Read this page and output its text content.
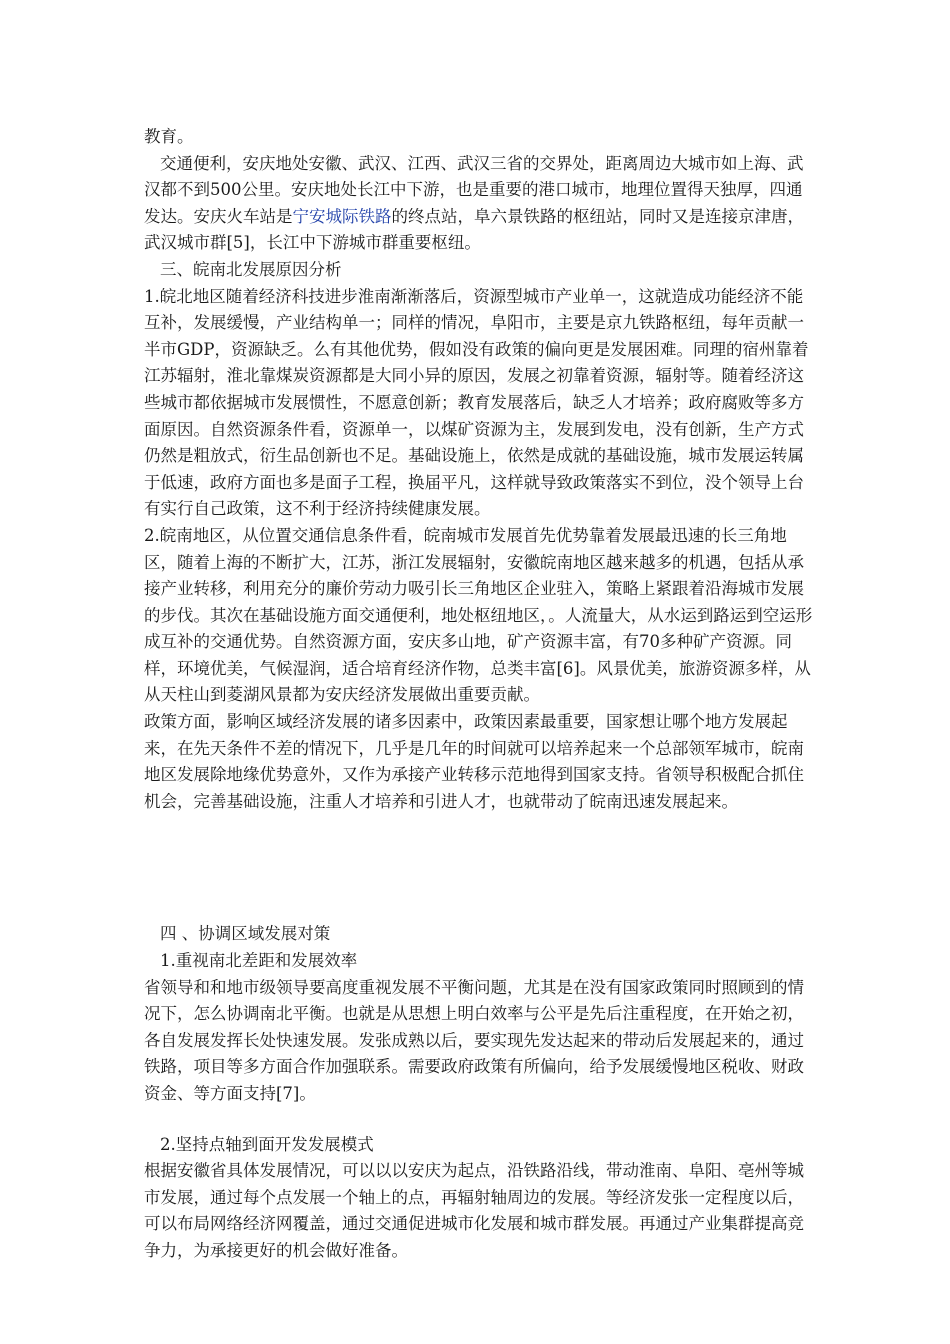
教育。

交通便利，安庆地处安徽、武汉、江西、武汉三省的交界处，距离周边大城市如上海、武汉都不到500公里。安庆地处长江中下游，也是重要的港口城市，地理位置得天独厚，四通发达。安庆火车站是宁安城际铁路的终点站，阜六景铁路的枢纽站，同时又是连接京津唐，武汉城市群[5]，长江中下游城市群重要枢纽。

三、皖南北发展原因分析

1.皖北地区随着经济科技进步淮南渐渐落后，资源型城市产业单一，这就造成功能经济不能互补，发展缓慢，产业结构单一；同样的情况，阜阳市，主要是京九铁路枢纽，每年贡献一半市GDP，资源缺乏。么有其他优势，假如没有政策的偏向更是发展困难。同理的宿州靠着江苏辐射，淮北靠煤炭资源都是大同小异的原因，发展之初靠着资源，辐射等。随着经济这些城市都依据城市发展惯性，不愿意创新；教育发展落后，缺乏人才培养；政府腐败等多方面原因。自然资源条件看，资源单一，以煤矿资源为主，发展到发电，没有创新，生产方式仍然是粗放式，衍生品创新也不足。基础设施上，依然是成就的基础设施，城市发展运转属于低速，政府方面也多是面子工程，换届平凡，这样就导致政策落实不到位，没个领导上台有实行自己政策，这不利于经济持续健康发展。

2.皖南地区，从位置交通信息条件看，皖南城市发展首先优势靠着发展最迅速的长三角地区，随着上海的不断扩大，江苏，浙江发展辐射，安徽皖南地区越来越多的机遇，包括从承接产业转移，利用充分的廉价劳动力吸引长三角地区企业驻入，策略上紧跟着沿海城市发展的步伐。其次在基础设施方面交通便利，地处枢纽地区，。人流量大，从水运到路运到空运形成互补的交通优势。自然资源方面，安庆多山地，矿产资源丰富，有70多种矿产资源。同样，环境优美，气候湿润，适合培育经济作物，总类丰富[6]。风景优美，旅游资源多样，从从天柱山到菱湖风景都为安庆经济发展做出重要贡献。

政策方面，影响区域经济发展的诸多因素中，政策因素最重要，国家想让哪个地方发展起来，在先天条件不差的情况下，几乎是几年的时间就可以培养起来一个总部领军城市，皖南地区发展除地缘优势意外，又作为承接产业转移示范地得到国家支持。省领导积极配合抓住机会，完善基础设施，注重人才培养和引进人才，也就带动了皖南迅速发展起来。

四 、协调区域发展对策

1.重视南北差距和发展效率

省领导和和地市级领导要高度重视发展不平衡问题，尤其是在没有国家政策同时照顾到的情况下，怎么协调南北平衡。也就是从思想上明白效率与公平是先后注重程度，在开始之初，各自发展发挥长处快速发展。发张成熟以后，要实现先发达起来的带动后发展起来的，通过铁路，项目等多方面合作加强联系。需要政府政策有所偏向，给予发展缓慢地区税收、财政资金、等方面支持[7]。

2.坚持点轴到面开发发展模式

根据安徽省具体发展情况，可以以以安庆为起点，沿铁路沿线，带动淮南、阜阳、亳州等城市发展，通过每个点发展一个轴上的点，再辐射轴周边的发展。等经济发张一定程度以后，可以布局网络经济网覆盖，通过交通促进城市化发展和城市群发展。再通过产业集群提高竞争力，为承接更好的机会做好准备。
